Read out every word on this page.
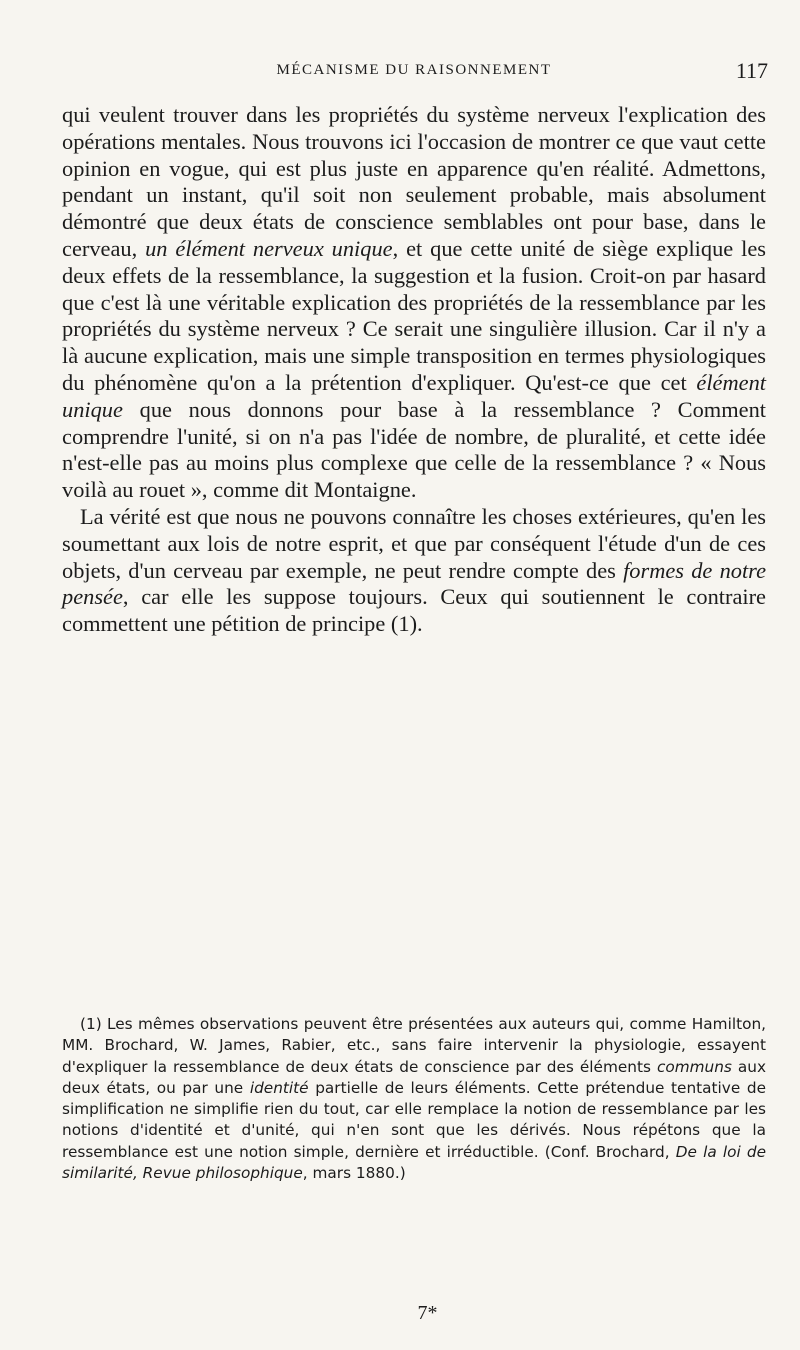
MÉCANISME DU RAISONNEMENT	117

qui veulent trouver dans les propriétés du système nerveux l'explication des opérations mentales. Nous trouvons ici l'occasion de montrer ce que vaut cette opinion en vogue, qui est plus juste en apparence qu'en réalité. Admettons, pendant un instant, qu'il soit non seulement probable, mais absolument démontré que deux états de conscience semblables ont pour base, dans le cerveau, un élément nerveux unique, et que cette unité de siège explique les deux effets de la ressemblance, la suggestion et la fusion. Croit-on par hasard que c'est là une véritable explication des propriétés de la ressemblance par les propriétés du système nerveux ? Ce serait une singulière illusion. Car il n'y a là aucune explication, mais une simple transposition en termes physiologiques du phénomène qu'on a la prétention d'expliquer. Qu'est-ce que cet élément unique que nous donnons pour base à la ressemblance ? Comment comprendre l'unité, si on n'a pas l'idée de nombre, de pluralité, et cette idée n'est-elle pas au moins plus complexe que celle de la ressemblance ? « Nous voilà au rouet », comme dit Montaigne.

La vérité est que nous ne pouvons connaître les choses extérieures, qu'en les soumettant aux lois de notre esprit, et que par conséquent l'étude d'un de ces objets, d'un cerveau par exemple, ne peut rendre compte des formes de notre pensée, car elle les suppose toujours. Ceux qui soutiennent le contraire commettent une pétition de principe (1).

(1) Les mêmes observations peuvent être présentées aux auteurs qui, comme Hamilton, MM. Brochard, W. James, Rabier, etc., sans faire intervenir la physiologie, essayent d'expliquer la ressemblance de deux états de conscience par des éléments communs aux deux états, ou par une identité partielle de leurs éléments. Cette prétendue tentative de simplification ne simplifie rien du tout, car elle remplace la notion de ressemblance par les notions d'identité et d'unité, qui n'en sont que les dérivés. Nous répétons que la ressemblance est une notion simple, dernière et irréductible. (Conf. Brochard, De la loi de similarité, Revue philosophique, mars 1880.)

7*
